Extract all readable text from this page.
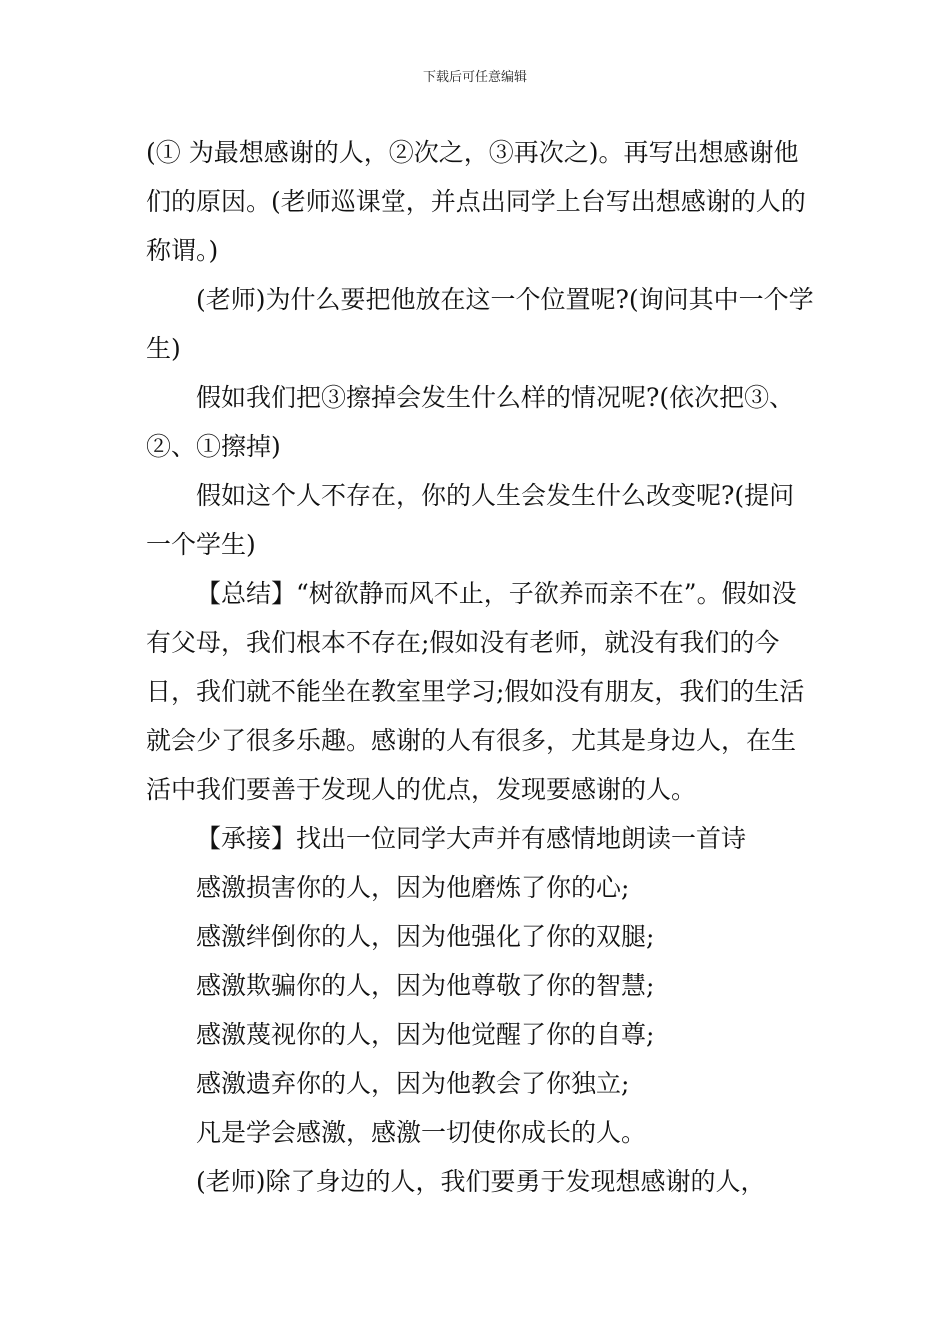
下载后可任意编辑

(① 为最想感谢的人，②次之，③再次之)。再写出想感谢他们的原因。(老师巡课堂，并点出同学上台写出想感谢的人的称谓。)

(老师)为什么要把他放在这一个位置呢?(询问其中一个学生)

假如我们把③擦掉会发生什么样的情况呢?(依次把③、②、①擦掉)

假如这个人不存在，你的人生会发生什么改变呢?(提问一个学生)

【总结】“树欲静而风不止，子欲养而亲不在”。假如没有父母，我们根本不存在;假如没有老师，就没有我们的今日，我们就不能坐在教室里学习;假如没有朋友，我们的生活就会少了很多乐趣。感谢的人有很多，尤其是身边人，在生活中我们要善于发现人的优点，发现要感谢的人。

【承接】找出一位同学大声并有感情地朗读一首诗

感激损害你的人，因为他磨炼了你的心;

感激绊倒你的人，因为他强化了你的双腿;

感激欺骗你的人，因为他尊敬了你的智慧;

感激蔑视你的人，因为他觉醒了你的自尊;

感激遗弃你的人，因为他教会了你独立;

凡是学会感激，感激一切使你成长的人。

(老师)除了身边的人，我们要勇于发现想感谢的人，
